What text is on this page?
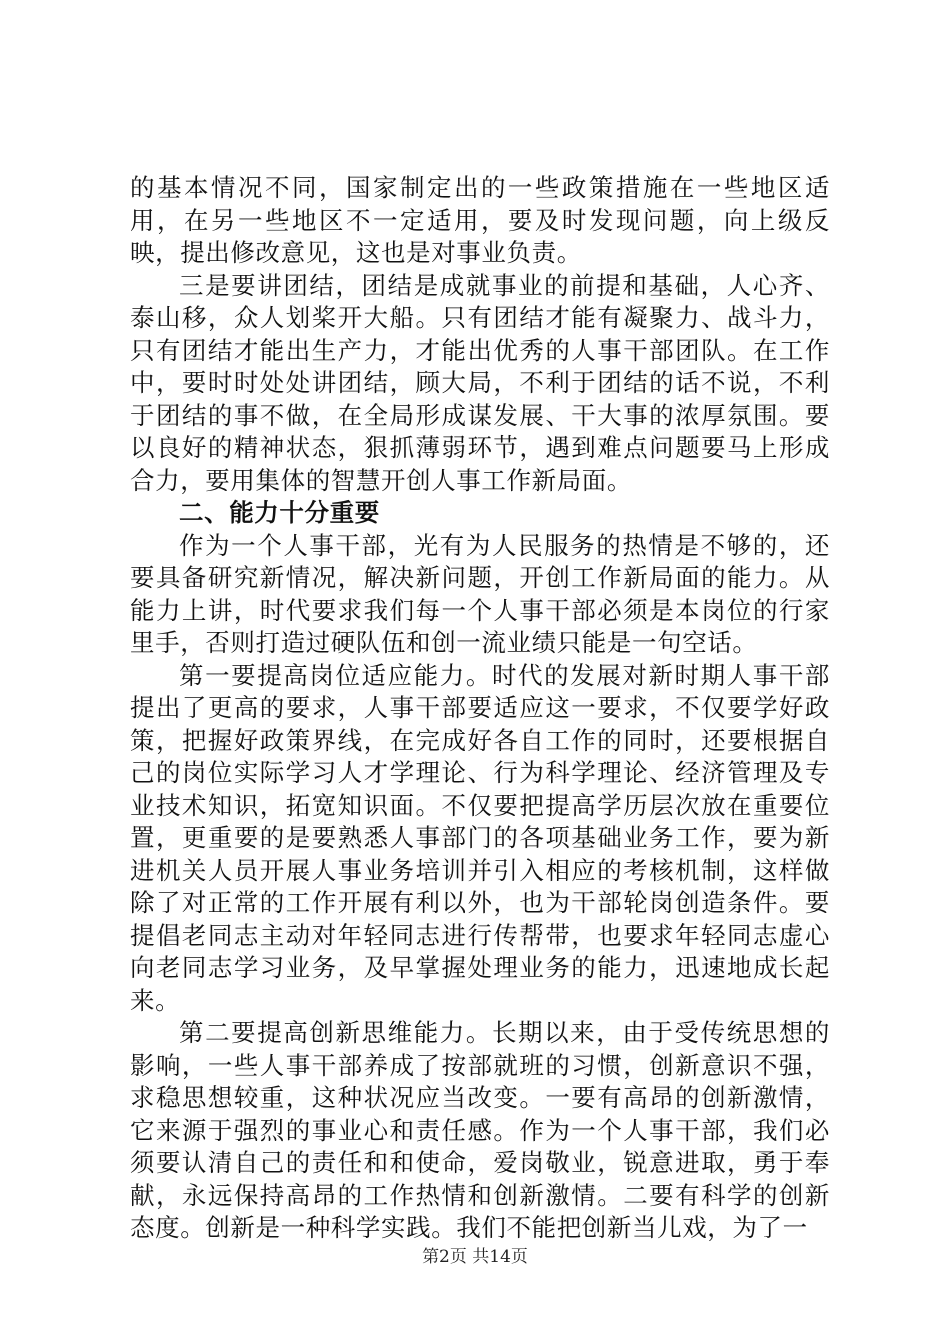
的基本情况不同，国家制定出的一些政策措施在一些地区适用，在另一些地区不一定适用，要及时发现问题，向上级反映，提出修改意见，这也是对事业负责。

三是要讲团结，团结是成就事业的前提和基础，人心齐、泰山移，众人划桨开大船。只有团结才能有凝聚力、战斗力，只有团结才能出生产力，才能出优秀的人事干部团队。在工作中，要时时处处讲团结，顾大局，不利于团结的话不说，不利于团结的事不做，在全局形成谋发展、干大事的浓厚氛围。要以良好的精神状态，狠抓薄弱环节，遇到难点问题要马上形成合力，要用集体的智慧开创人事工作新局面。

二、能力十分重要

作为一个人事干部，光有为人民服务的热情是不够的，还要具备研究新情况，解决新问题，开创工作新局面的能力。从能力上讲，时代要求我们每一个人事干部必须是本岗位的行家里手，否则打造过硬队伍和创一流业绩只能是一句空话。

第一要提高岗位适应能力。时代的发展对新时期人事干部提出了更高的要求，人事干部要适应这一要求，不仅要学好政策，把握好政策界线，在完成好各自工作的同时，还要根据自己的岗位实际学习人才学理论、行为科学理论、经济管理及专业技术知识，拓宽知识面。不仅要把提高学历层次放在重要位置，更重要的是要熟悉人事部门的各项基础业务工作，要为新进机关人员开展人事业务培训并引入相应的考核机制，这样做除了对正常的工作开展有利以外，也为干部轮岗创造条件。要提倡老同志主动对年轻同志进行传帮带，也要求年轻同志虚心向老同志学习业务，及早掌握处理业务的能力，迅速地成长起来。

第二要提高创新思维能力。长期以来，由于受传统思想的影响，一些人事干部养成了按部就班的习惯，创新意识不强，求稳思想较重，这种状况应当改变。一要有高昂的创新激情，它来源于强烈的事业心和责任感。作为一个人事干部，我们必须要认清自己的责任和和使命，爱岗敬业，锐意进取，勇于奉献，永远保持高昂的工作热情和创新激情。二要有科学的创新态度。创新是一种科学实践。我们不能把创新当儿戏，为了一

第2页 共14页
